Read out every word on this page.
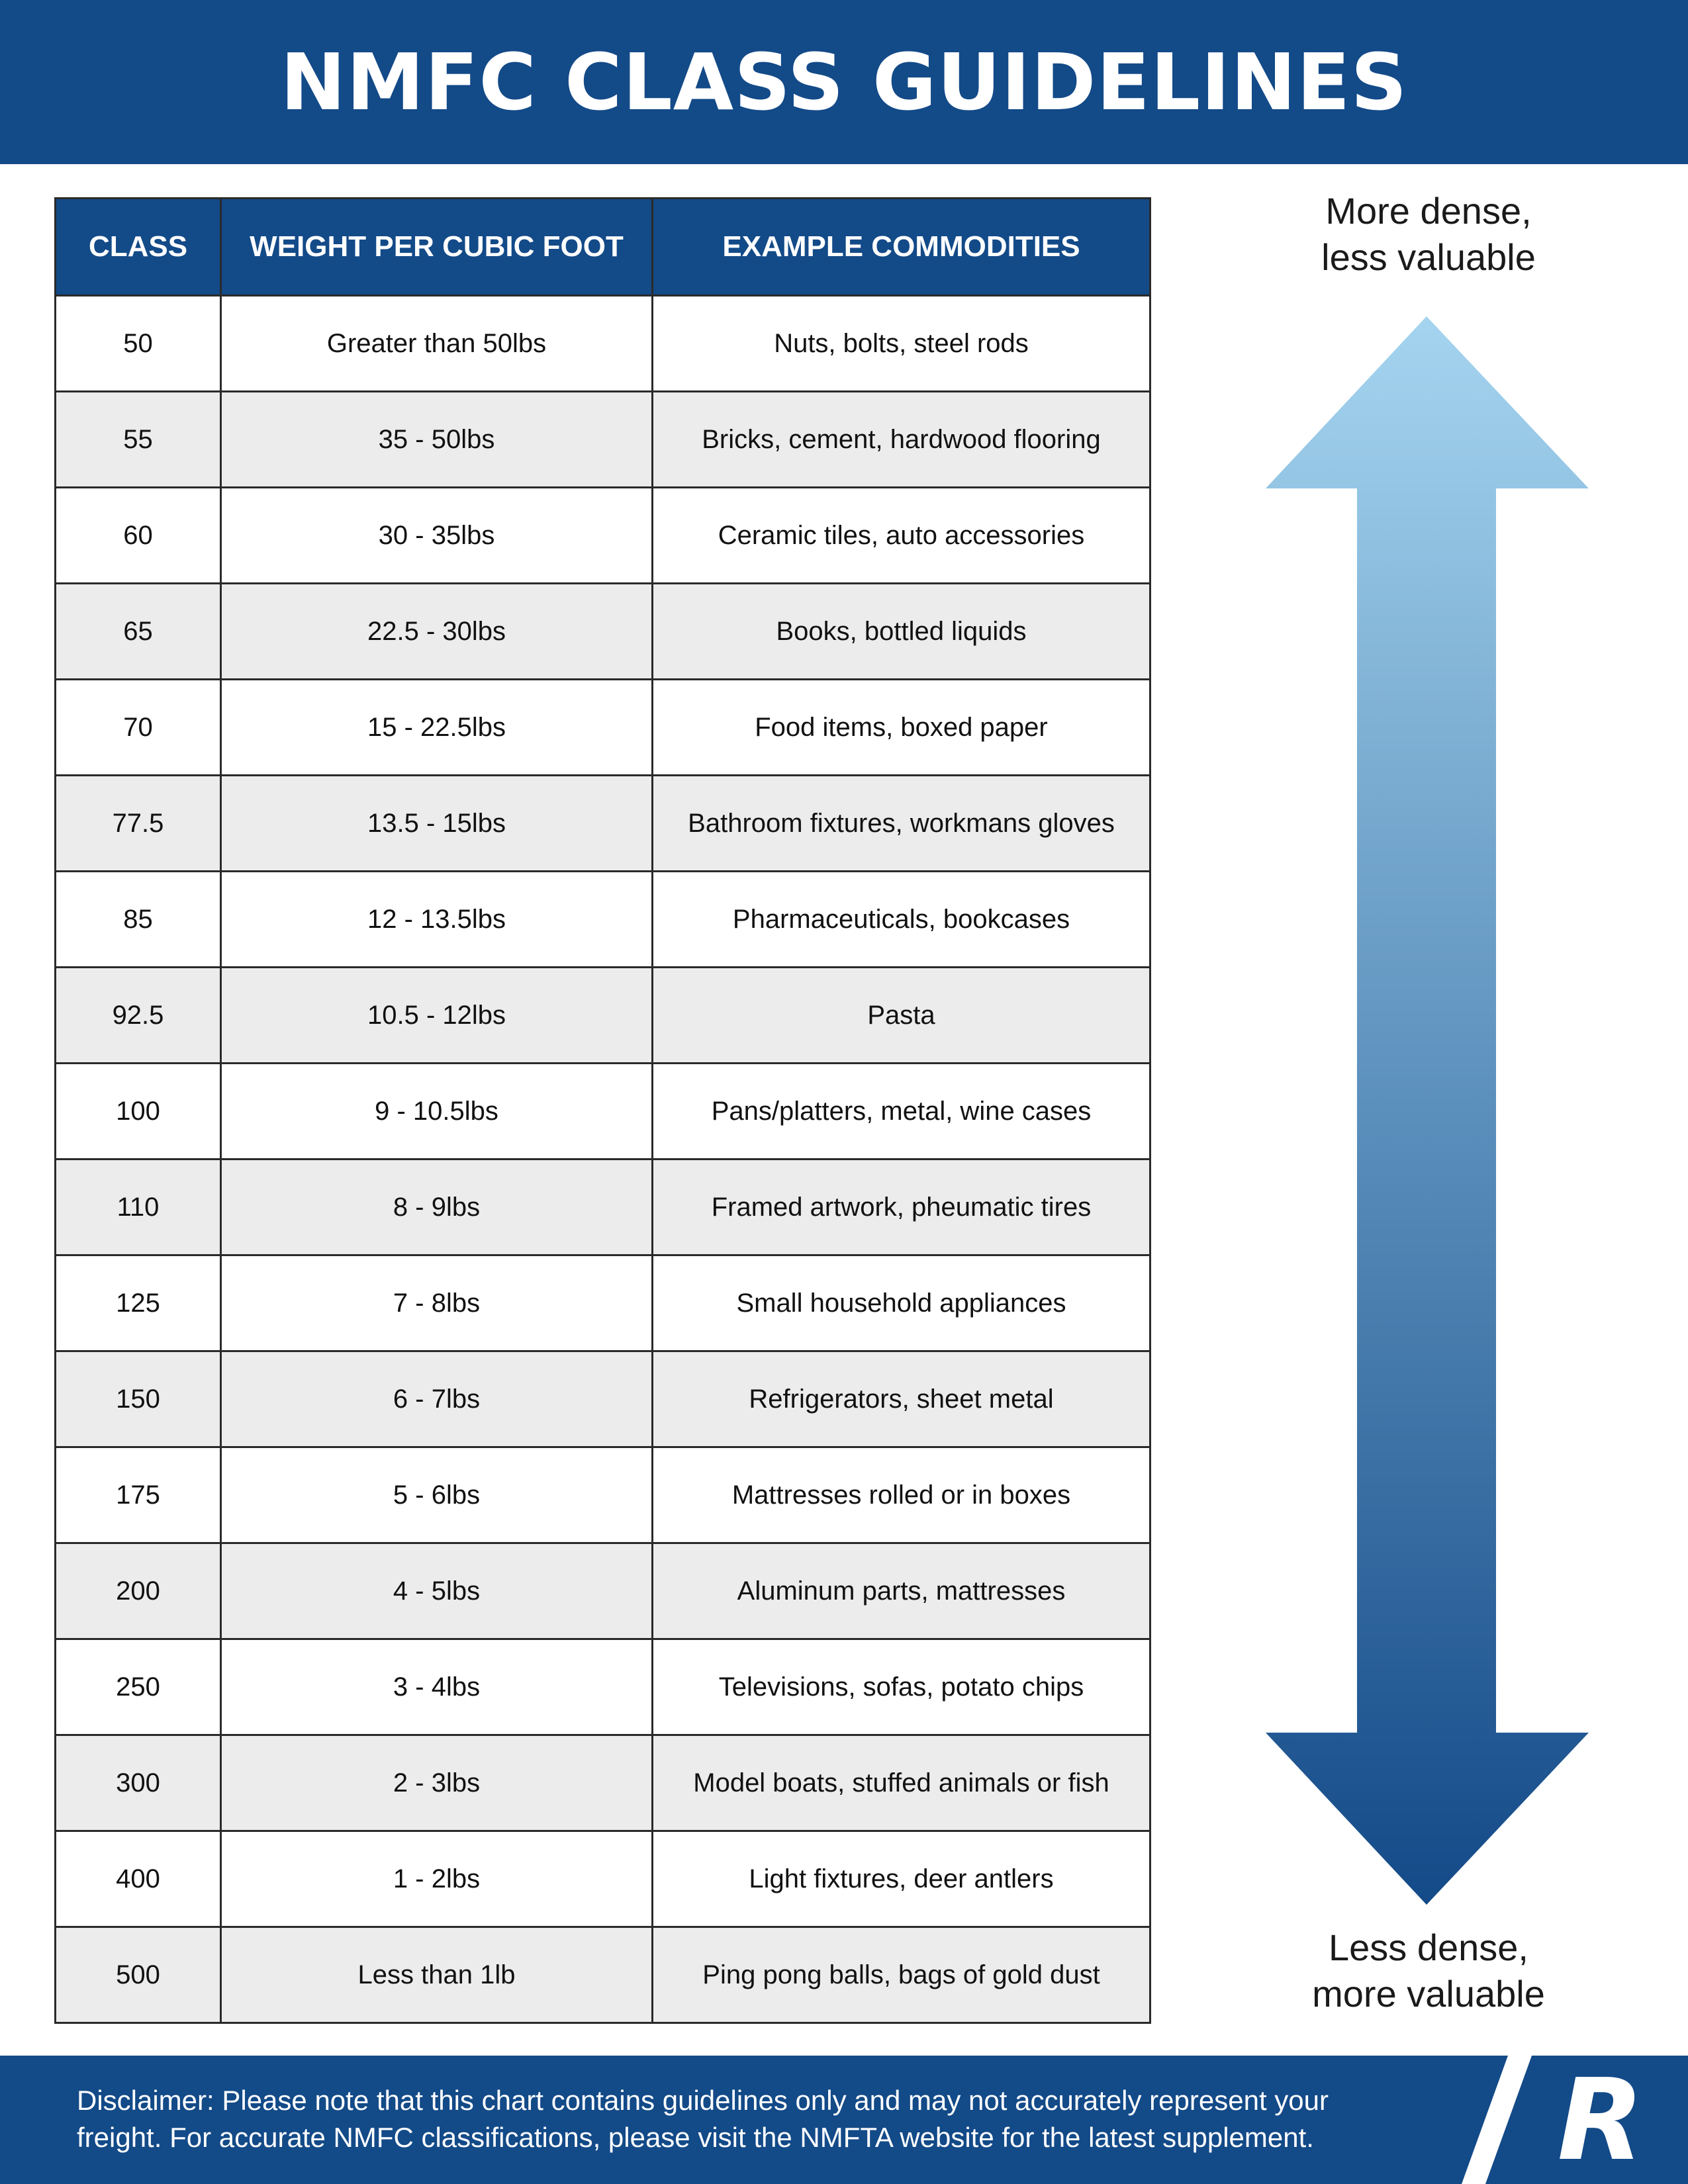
NMFC CLASS GUIDELINES
CLASS	WEIGHT PER CUBIC FOOT	EXAMPLE COMMODITIES
50	Greater than 50lbs	Nuts, bolts, steel rods
55	35 - 50lbs	Bricks, cement, hardwood flooring
60	30 - 35lbs	Ceramic tiles, auto accessories
65	22.5 - 30lbs	Books, bottled liquids
70	15 - 22.5lbs	Food items, boxed paper
77.5	13.5 - 15lbs	Bathroom fixtures, workmans gloves
85	12 - 13.5lbs	Pharmaceuticals, bookcases
92.5	10.5 - 12lbs	Pasta
100	9 - 10.5lbs	Pans/platters, metal, wine cases
110	8 - 9lbs	Framed artwork, pheumatic tires
125	7 - 8lbs	Small household appliances
150	6 - 7lbs	Refrigerators, sheet metal
175	5 - 6lbs	Mattresses rolled or in boxes
200	4 - 5lbs	Aluminum parts, mattresses
250	3 - 4lbs	Televisions, sofas, potato chips
300	2 - 3lbs	Model boats, stuffed animals or fish
400	1 - 2lbs	Light fixtures, deer antlers
500	Less than 1lb	Ping pong balls, bags of gold dust
More dense,
less valuable
Less dense,
more valuable
R
Disclaimer: Please note that this chart contains guidelines only and may not accurately represent your
freight. For accurate NMFC classifications, please visit the NMFTA website for the latest supplement.
